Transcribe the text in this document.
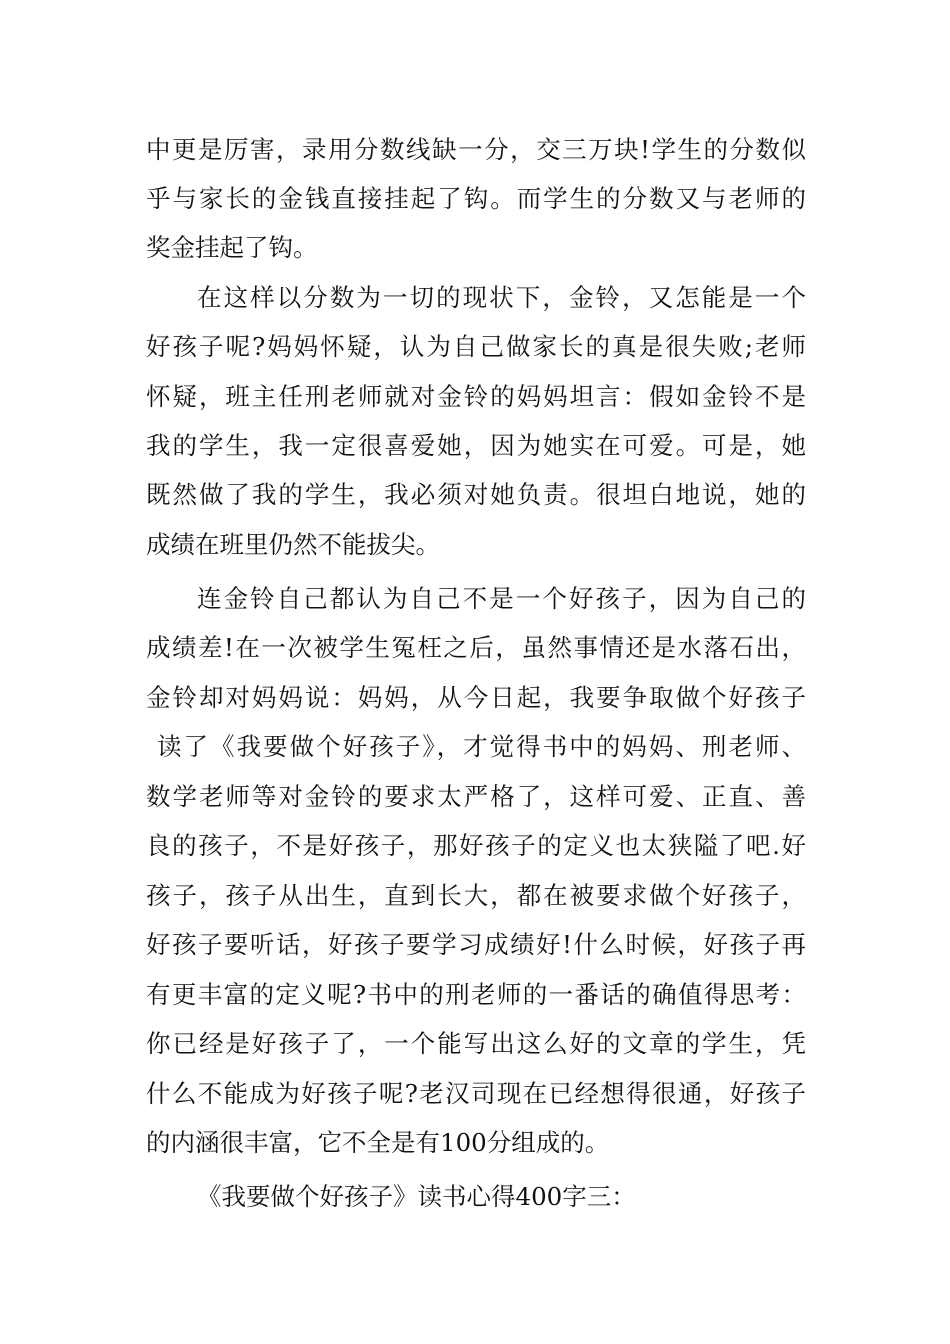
中更是厉害，录用分数线缺一分，交三万块!学生的分数似

乎与家长的金钱直接挂起了钩。而学生的分数又与老师的

奖金挂起了钩。

在这样以分数为一切的现状下，金铃，又怎能是一个

好孩子呢?妈妈怀疑，认为自己做家长的真是很失败;老师

怀疑，班主任刑老师就对金铃的妈妈坦言：假如金铃不是

我的学生，我一定很喜爱她，因为她实在可爱。可是，她

既然做了我的学生，我必须对她负责。很坦白地说，她的

成绩在班里仍然不能拔尖。

连金铃自己都认为自己不是一个好孩子，因为自己的

成绩差!在一次被学生冤枉之后，虽然事情还是水落石出，

金铃却对妈妈说：妈妈，从今日起，我要争取做个好孩子

读了《我要做个好孩子》，才觉得书中的妈妈、刑老师、

数学老师等对金铃的要求太严格了，这样可爱、正直、善

良的孩子，不是好孩子，那好孩子的定义也太狭隘了吧.好

孩子，孩子从出生，直到长大，都在被要求做个好孩子，

好孩子要听话，好孩子要学习成绩好!什么时候，好孩子再

有更丰富的定义呢?书中的刑老师的一番话的确值得思考：

你已经是好孩子了，一个能写出这么好的文章的学生，凭

什么不能成为好孩子呢?老汉司现在已经想得很通，好孩子

的内涵很丰富，它不全是有100分组成的。

《我要做个好孩子》读书心得400字三：
